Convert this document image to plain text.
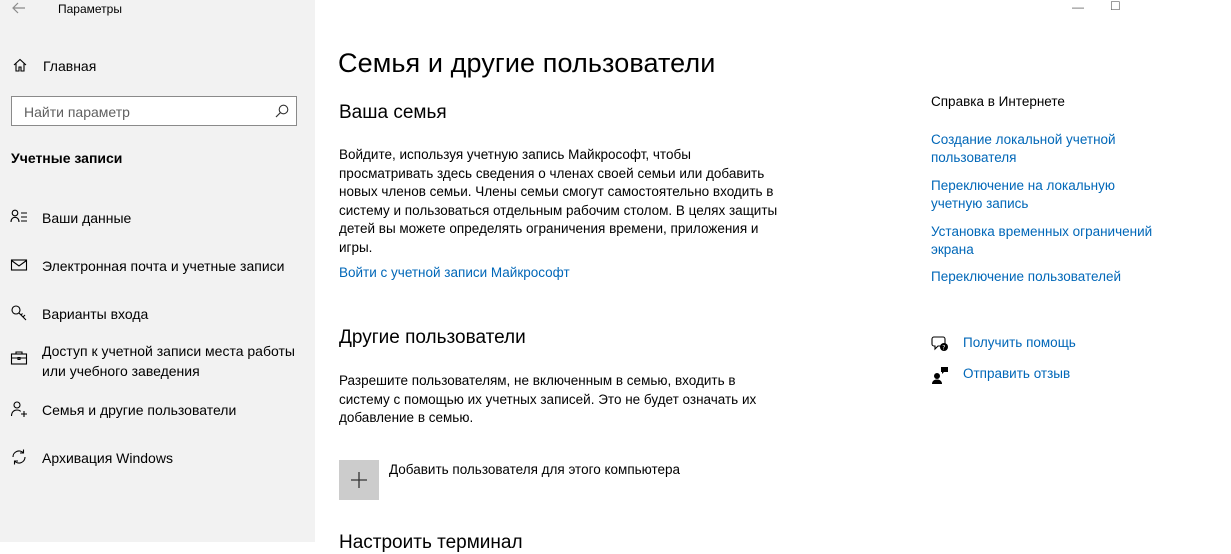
Параметры
Главная
Найти параметр
Учетные записи
Ваши данные
Электронная почта и учетные записи
Варианты входа
Доступ к учетной записи места работы или учебного заведения
Семья и другие пользователи
Архивация Windows
— ☐
Семья и другие пользователи
Ваша семья
Войдите, используя учетную запись Майкрософт, чтобы
просматривать здесь сведения о членах своей семьи или добавить
новых членов семьи. Члены семьи смогут самостоятельно входить в
систему и пользоваться отдельным рабочим столом. В целях защиты
детей вы можете определять ограничения времени, приложения и
игры.
Войти с учетной записи Майкрософт
Другие пользователи
Разрешите пользователям, не включенным в семью, входить в
систему с помощью их учетных записей. Это не будет означать их
добавление в семью.
Добавить пользователя для этого компьютера
Настроить терминал
Справка в Интернете
Создание локальной учетной
пользователя
Переключение на локальную
учетную запись
Установка временных ограничений
экрана
Переключение пользователей
? Получить помощь
Отправить отзыв
